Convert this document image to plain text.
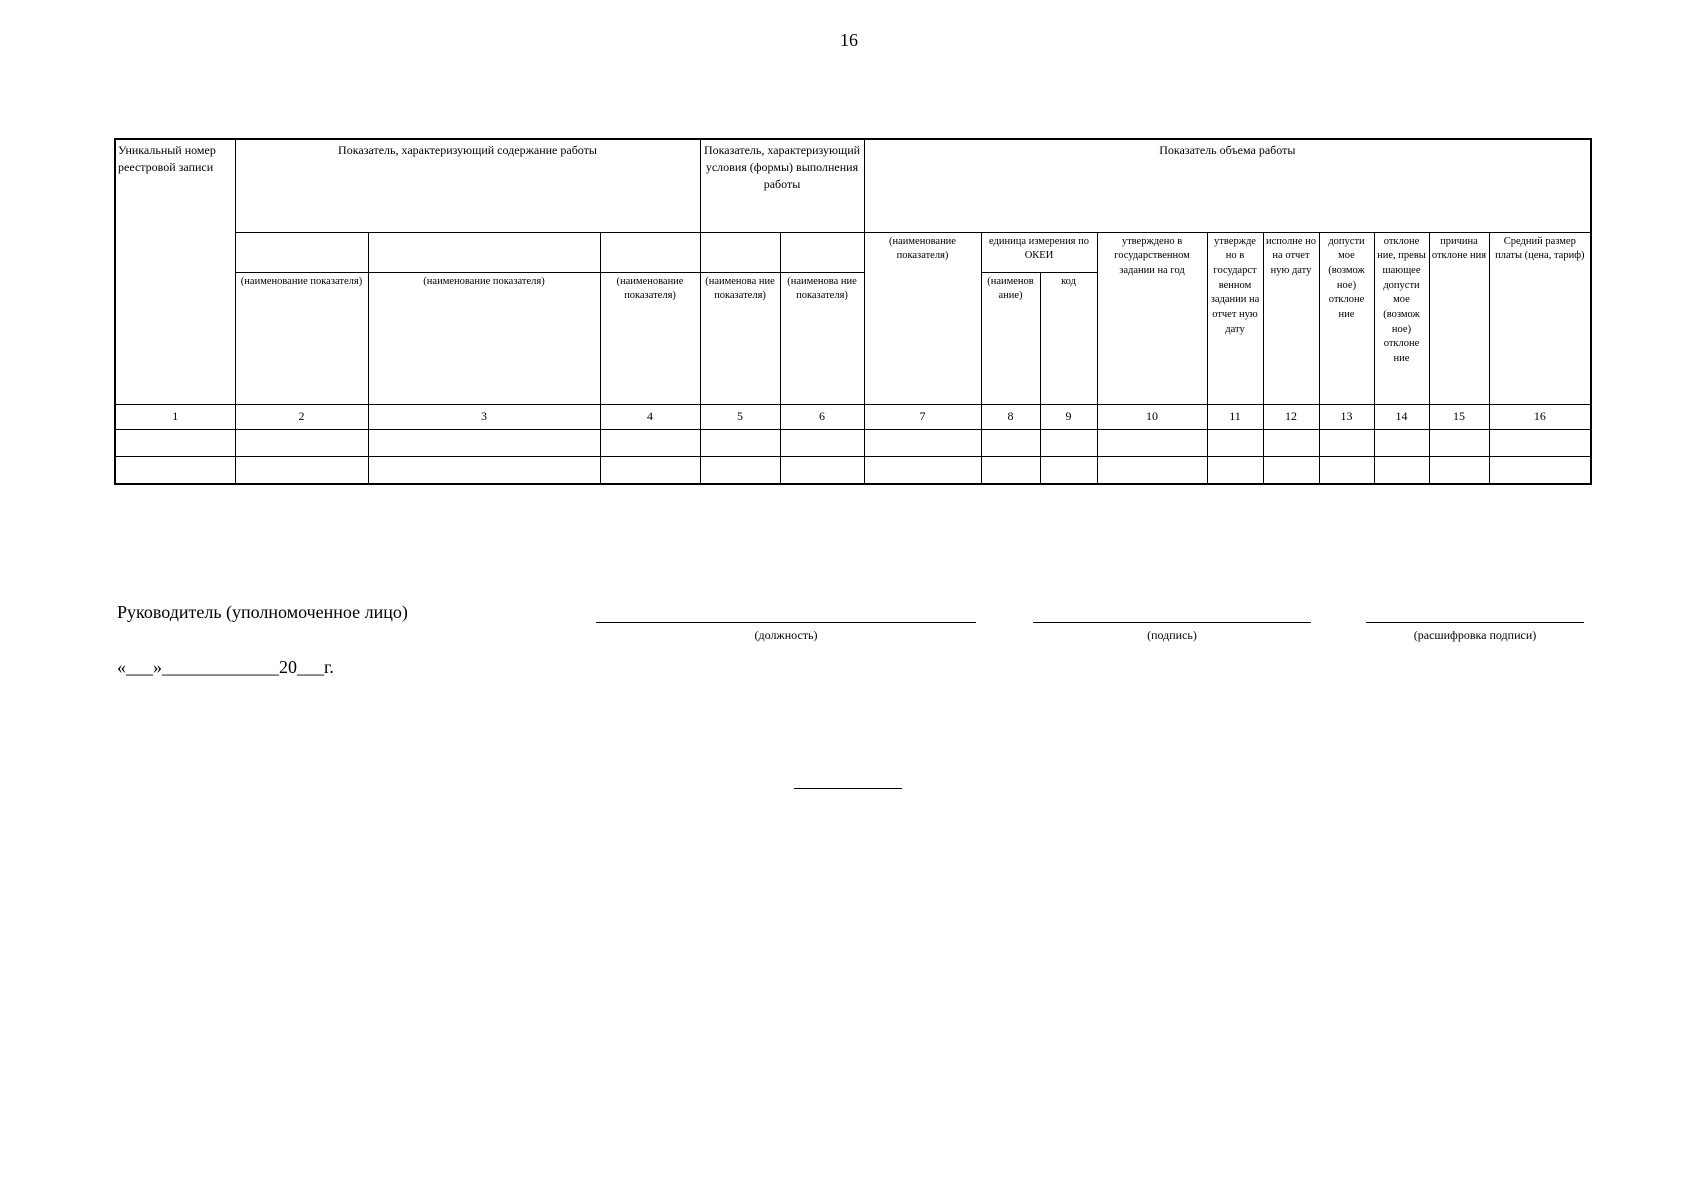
16
Уникальный номер реестровой записи	Показатель, характеризующий содержание работы			Показатель, характеризующий условия (формы) выполнения работы		Показатель объема работы									
						(наименование показателя)	единица измерения по ОКЕИ		утверждено в государственном задании на год	утвержде но в государст венном задании на отчет ную дату	исполне но на отчет ную дату	допусти мое (возмож ное) отклоне ние	отклоне ние, превы шающее допусти мое (возмож ное) отклоне ние	причина отклоне ния	Средний размер платы (цена, тариф)
	(наименование показателя)	(наименование показателя)	(наименование показателя)	(наименова ние показателя)	(наименова ние показателя)		(наименов ание)	код							
1	2	3	4	5	6	7	8	9	10	11	12	13	14	15	16

Руководитель (уполномоченное лицо)
(должность)	(подпись)	(расшифровка подписи)
«___»_____________20___г.
